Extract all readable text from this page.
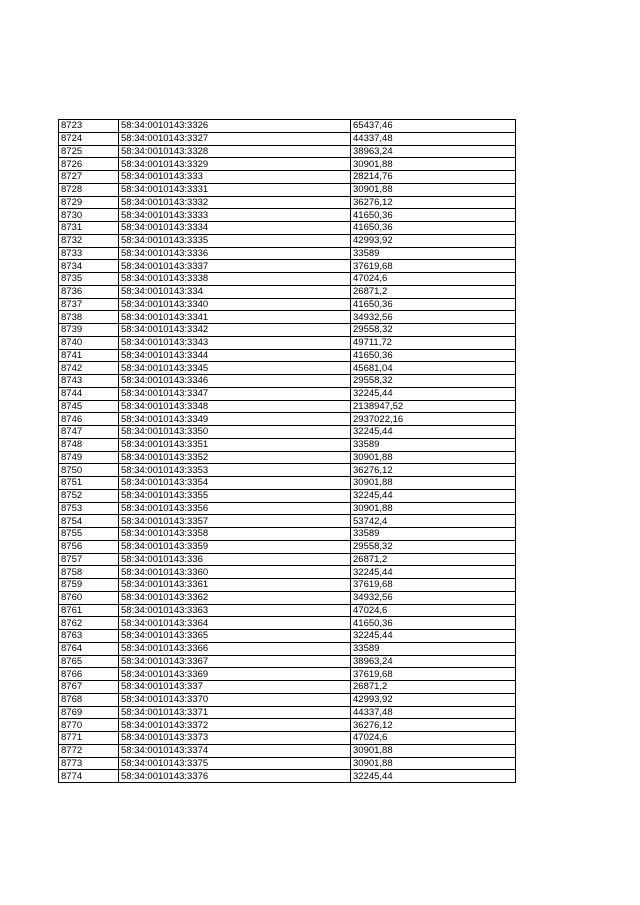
8723	58:34:0010143:3326	65437,46
8724	58:34:0010143:3327	44337,48
8725	58:34:0010143:3328	38963,24
8726	58:34:0010143:3329	30901,88
8727	58:34:0010143:333	28214,76
8728	58:34:0010143:3331	30901,88
8729	58:34:0010143:3332	36276,12
8730	58:34:0010143:3333	41650,36
8731	58:34:0010143:3334	41650,36
8732	58:34:0010143:3335	42993,92
8733	58:34:0010143:3336	33589
8734	58:34:0010143:3337	37619,68
8735	58:34:0010143:3338	47024,6
8736	58:34:0010143:334	26871,2
8737	58:34:0010143:3340	41650,36
8738	58:34:0010143:3341	34932,56
8739	58:34:0010143:3342	29558,32
8740	58:34:0010143:3343	49711,72
8741	58:34:0010143:3344	41650,36
8742	58:34:0010143:3345	45681,04
8743	58:34:0010143:3346	29558,32
8744	58:34:0010143:3347	32245,44
8745	58:34:0010143:3348	2138947,52
8746	58:34:0010143:3349	2937022,16
8747	58:34:0010143:3350	32245,44
8748	58:34:0010143:3351	33589
8749	58:34:0010143:3352	30901,88
8750	58:34:0010143:3353	36276,12
8751	58:34:0010143:3354	30901,88
8752	58:34:0010143:3355	32245,44
8753	58:34:0010143:3356	30901,88
8754	58:34:0010143:3357	53742,4
8755	58:34:0010143:3358	33589
8756	58:34:0010143:3359	29558,32
8757	58:34:0010143:336	26871,2
8758	58:34:0010143:3360	32245,44
8759	58:34:0010143:3361	37619,68
8760	58:34:0010143:3362	34932,56
8761	58:34:0010143:3363	47024,6
8762	58:34:0010143:3364	41650,36
8763	58:34:0010143:3365	32245,44
8764	58:34:0010143:3366	33589
8765	58:34:0010143:3367	38963,24
8766	58:34:0010143:3369	37619,68
8767	58:34:0010143:337	26871,2
8768	58:34:0010143:3370	42993,92
8769	58:34:0010143:3371	44337,48
8770	58:34:0010143:3372	36276,12
8771	58:34:0010143:3373	47024,6
8772	58:34:0010143:3374	30901,88
8773	58:34:0010143:3375	30901,88
8774	58:34:0010143:3376	32245,44
